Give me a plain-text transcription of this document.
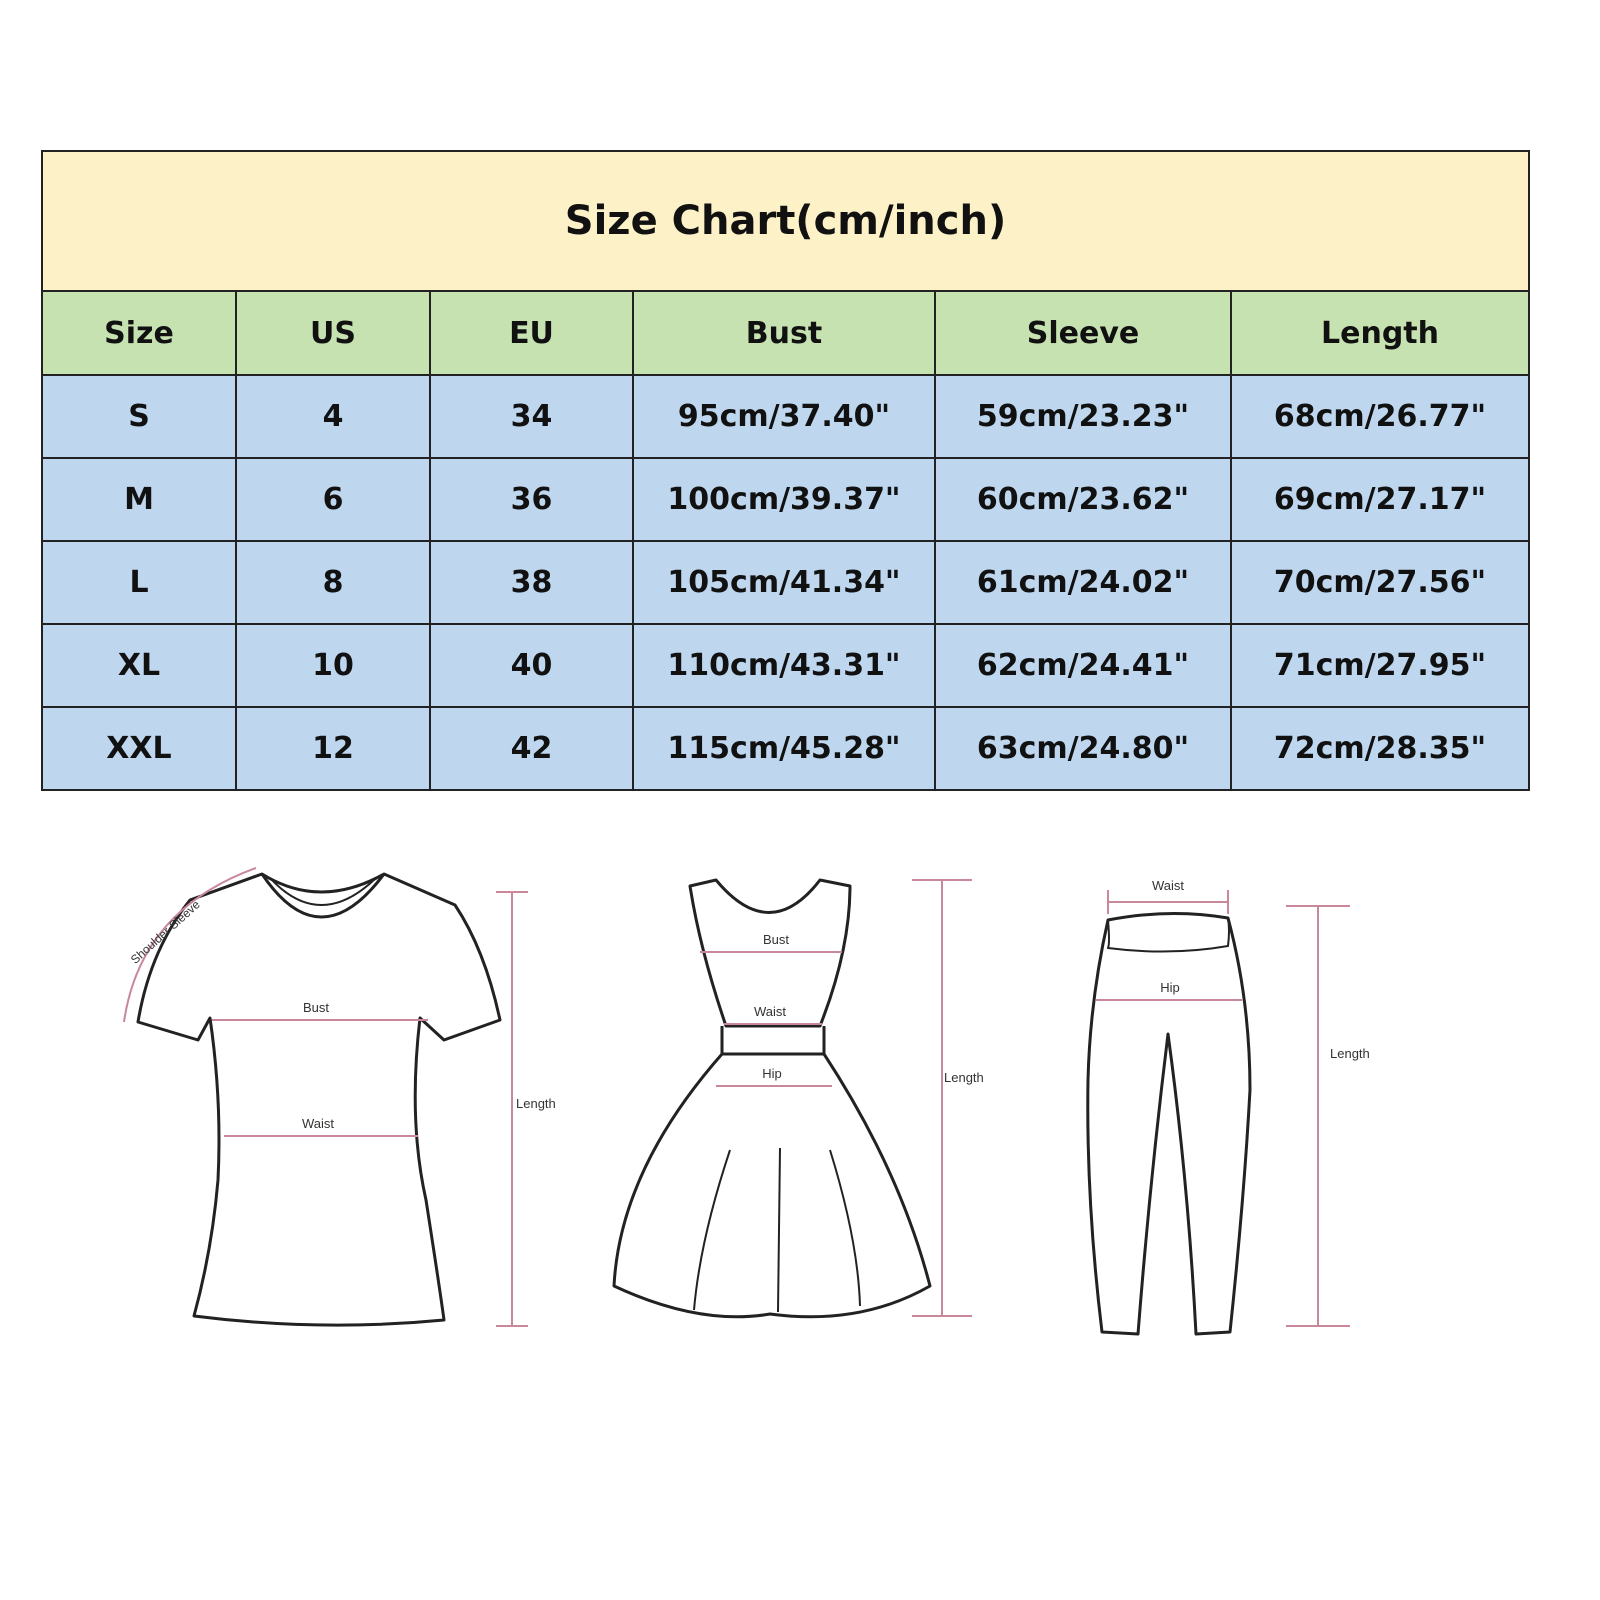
Size Chart(cm/inch)					
Size	US	EU	Bust	Sleeve	Length
S	4	34	95cm/37.40"	59cm/23.23"	68cm/26.77"
M	6	36	100cm/39.37"	60cm/23.62"	69cm/27.17"
L	8	38	105cm/41.34"	61cm/24.02"	70cm/27.56"
XL	10	40	110cm/43.31"	62cm/24.41"	71cm/27.95"
XXL	12	42	115cm/45.28"	63cm/24.80"	72cm/28.35"
Shoulder Sleeve
Bust
Waist
Length
Bust
Waist
Hip	Length
Waist
Hip
Length
